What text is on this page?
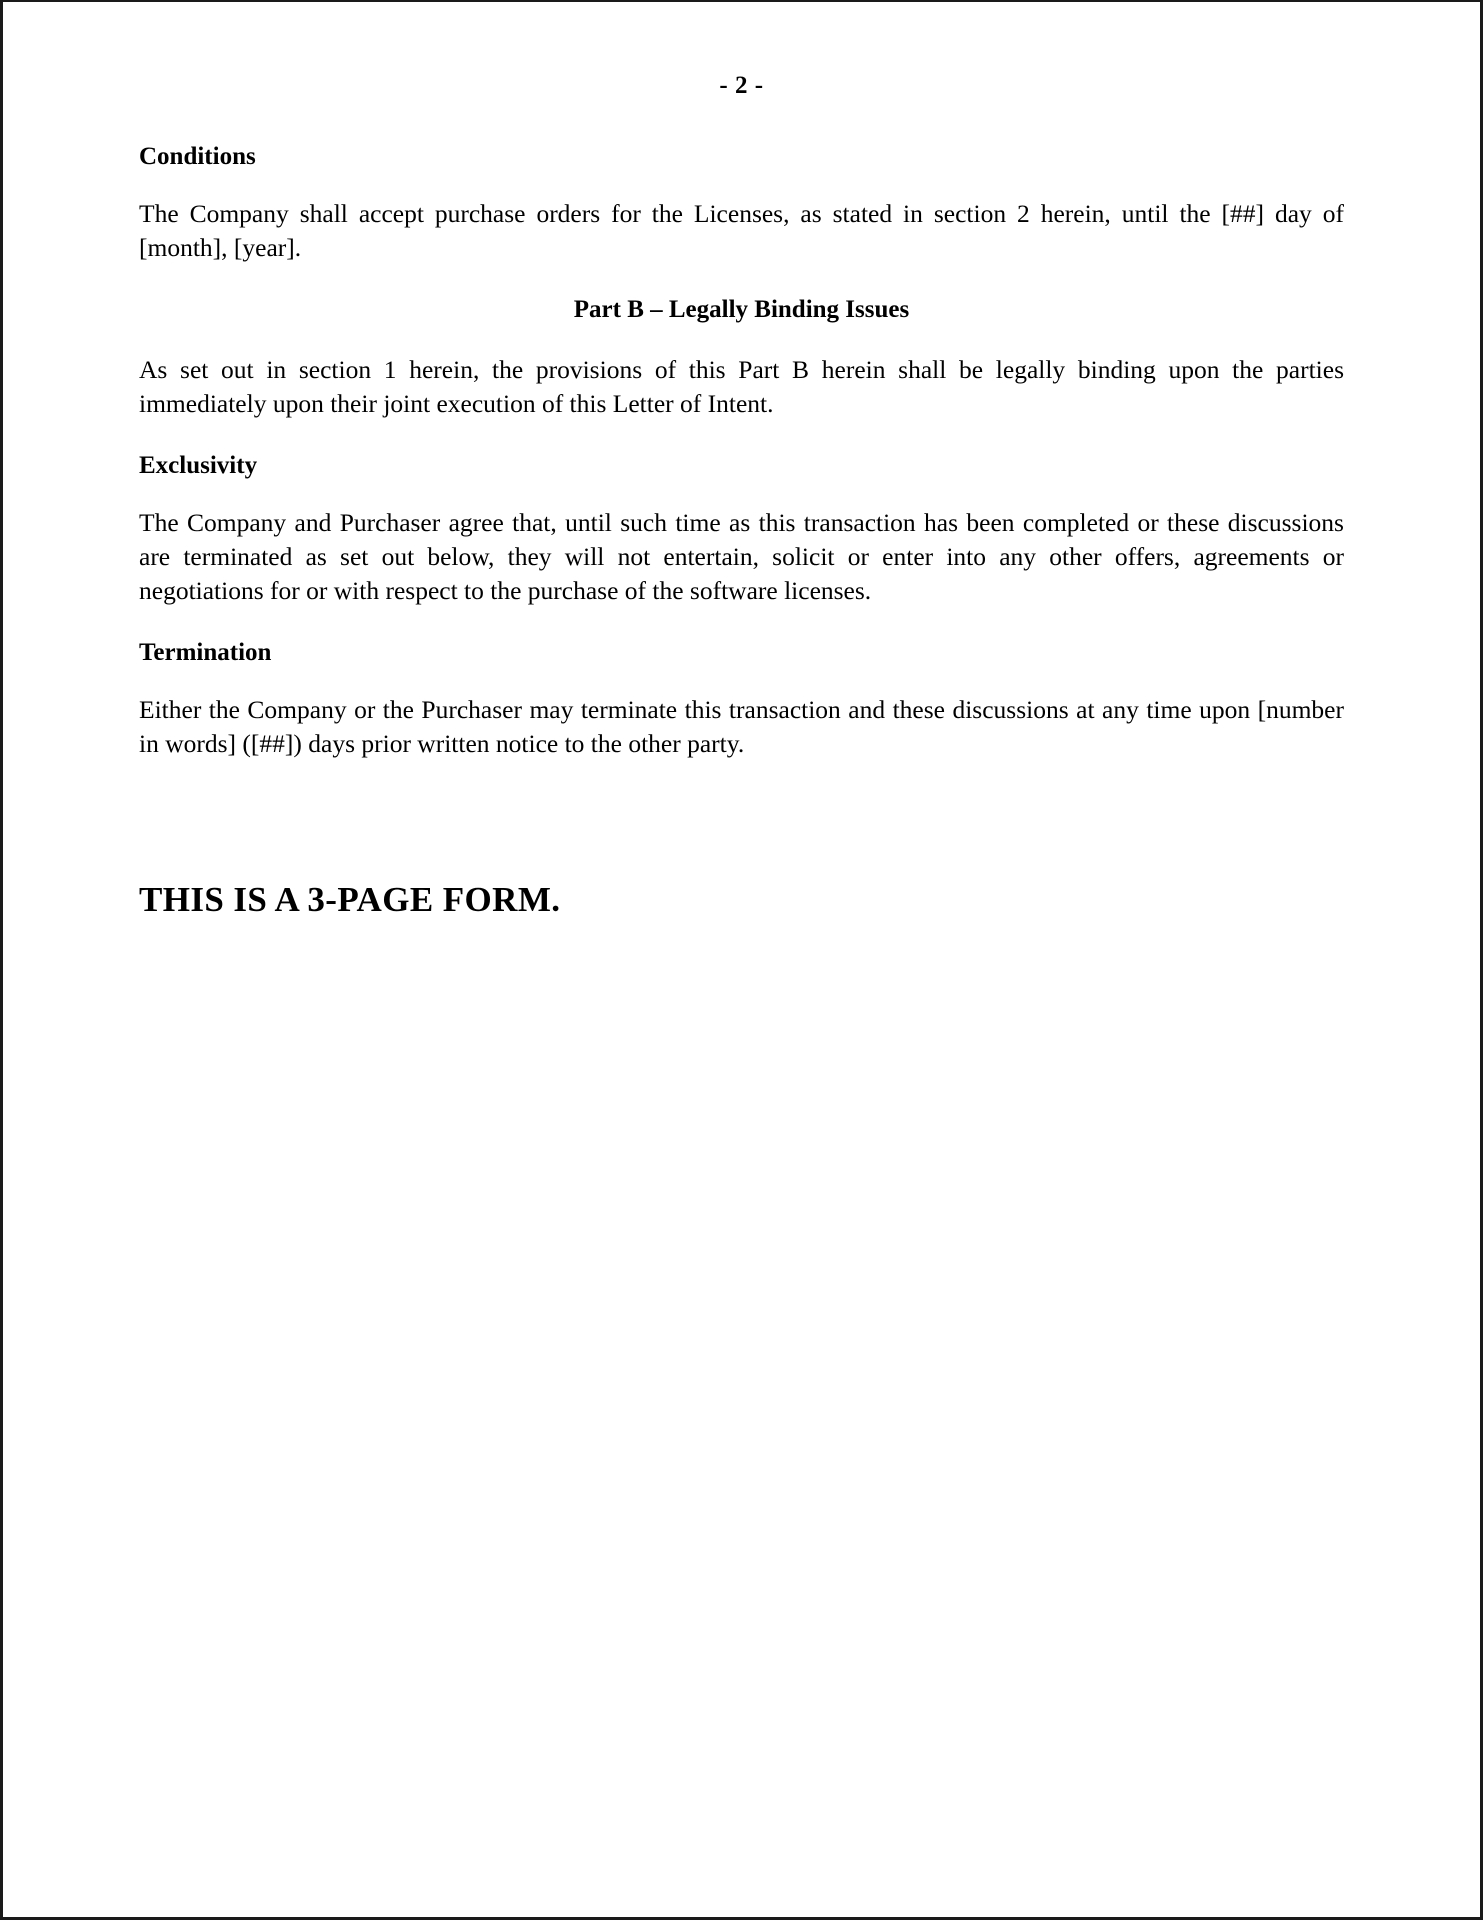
- 2 -
Conditions

The Company shall accept purchase orders for the Licenses, as stated in section 2 herein, until the [##] day of [month], [year].

Part B – Legally Binding Issues

As set out in section 1 herein, the provisions of this Part B herein shall be legally binding upon the parties immediately upon their joint execution of this Letter of Intent.

Exclusivity

The Company and Purchaser agree that, until such time as this transaction has been completed or these discussions are terminated as set out below, they will not entertain, solicit or enter into any other offers, agreements or negotiations for or with respect to the purchase of the software licenses.

Termination

Either the Company or the Purchaser may terminate this transaction and these discussions at any time upon [number in words] ([##]) days prior written notice to the other party.

THIS IS A 3-PAGE FORM.
